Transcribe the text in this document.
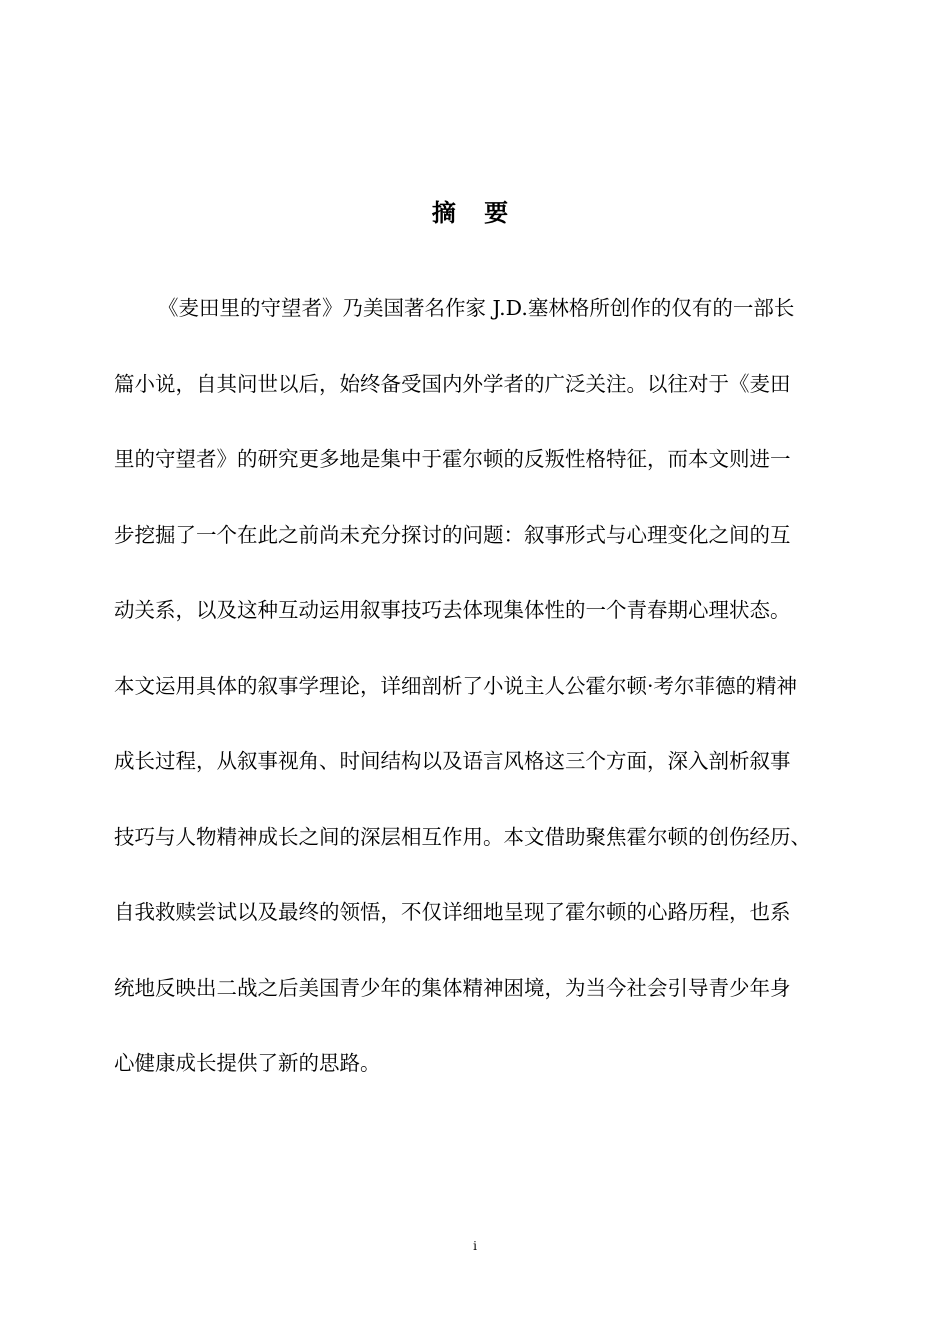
摘 要
《麦田里的守望者》乃美国著名作家 J.D.塞林格所创作的仅有的一部长
篇小说，自其问世以后，始终备受国内外学者的广泛关注。以往对于《麦田
里的守望者》的研究更多地是集中于霍尔顿的反叛性格特征，而本文则进一
步挖掘了一个在此之前尚未充分探讨的问题：叙事形式与心理变化之间的互
动关系，以及这种互动运用叙事技巧去体现集体性的一个青春期心理状态。
本文运用具体的叙事学理论，详细剖析了小说主人公霍尔顿·考尔菲德的精神
成长过程，从叙事视角、时间结构以及语言风格这三个方面，深入剖析叙事
技巧与人物精神成长之间的深层相互作用。本文借助聚焦霍尔顿的创伤经历、
自我救赎尝试以及最终的领悟，不仅详细地呈现了霍尔顿的心路历程，也系
统地反映出二战之后美国青少年的集体精神困境，为当今社会引导青少年身
心健康成长提供了新的思路。
i
